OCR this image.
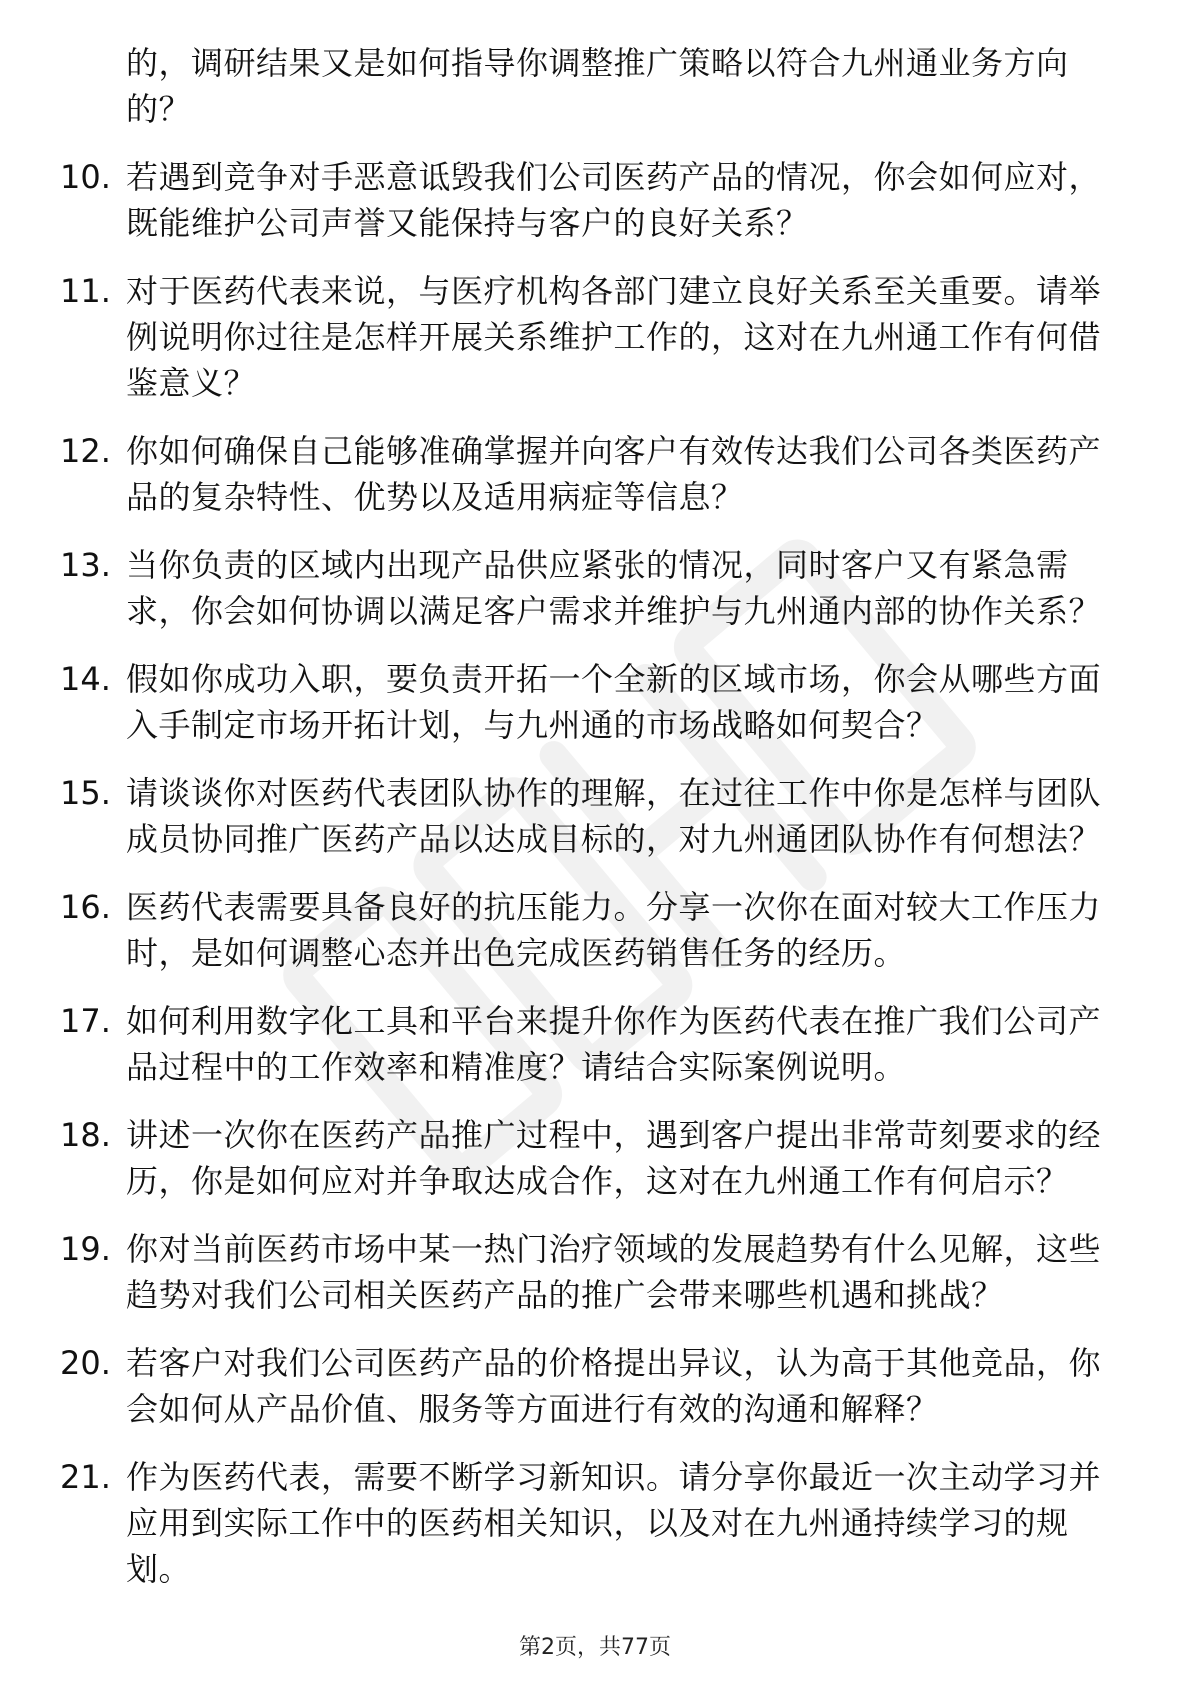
的，调研结果又是如何指导你调整推广策略以符合九州通业务方向的？
10. 若遇到竞争对手恶意诋毁我们公司医药产品的情况，你会如何应对，既能维护公司声誉又能保持与客户的良好关系？
11. 对于医药代表来说，与医疗机构各部门建立良好关系至关重要。请举例说明你过往是怎样开展关系维护工作的，这对在九州通工作有何借鉴意义？
12. 你如何确保自己能够准确掌握并向客户有效传达我们公司各类医药产品的复杂特性、优势以及适用病症等信息？
13. 当你负责的区域内出现产品供应紧张的情况，同时客户又有紧急需求，你会如何协调以满足客户需求并维护与九州通内部的协作关系？
14. 假如你成功入职，要负责开拓一个全新的区域市场，你会从哪些方面入手制定市场开拓计划，与九州通的市场战略如何契合？
15. 请谈谈你对医药代表团队协作的理解，在过往工作中你是怎样与团队成员协同推广医药产品以达成目标的，对九州通团队协作有何想法？
16. 医药代表需要具备良好的抗压能力。分享一次你在面对较大工作压力时，是如何调整心态并出色完成医药销售任务的经历。
17. 如何利用数字化工具和平台来提升你作为医药代表在推广我们公司产品过程中的工作效率和精准度？请结合实际案例说明。
18. 讲述一次你在医药产品推广过程中，遇到客户提出非常苛刻要求的经历，你是如何应对并争取达成合作，这对在九州通工作有何启示？
19. 你对当前医药市场中某一热门治疗领域的发展趋势有什么见解，这些趋势对我们公司相关医药产品的推广会带来哪些机遇和挑战？
20. 若客户对我们公司医药产品的价格提出异议，认为高于其他竞品，你会如何从产品价值、服务等方面进行有效的沟通和解释？
21. 作为医药代表，需要不断学习新知识。请分享你最近一次主动学习并应用到实际工作中的医药相关知识，以及对在九州通持续学习的规划。
第2页，共77页
